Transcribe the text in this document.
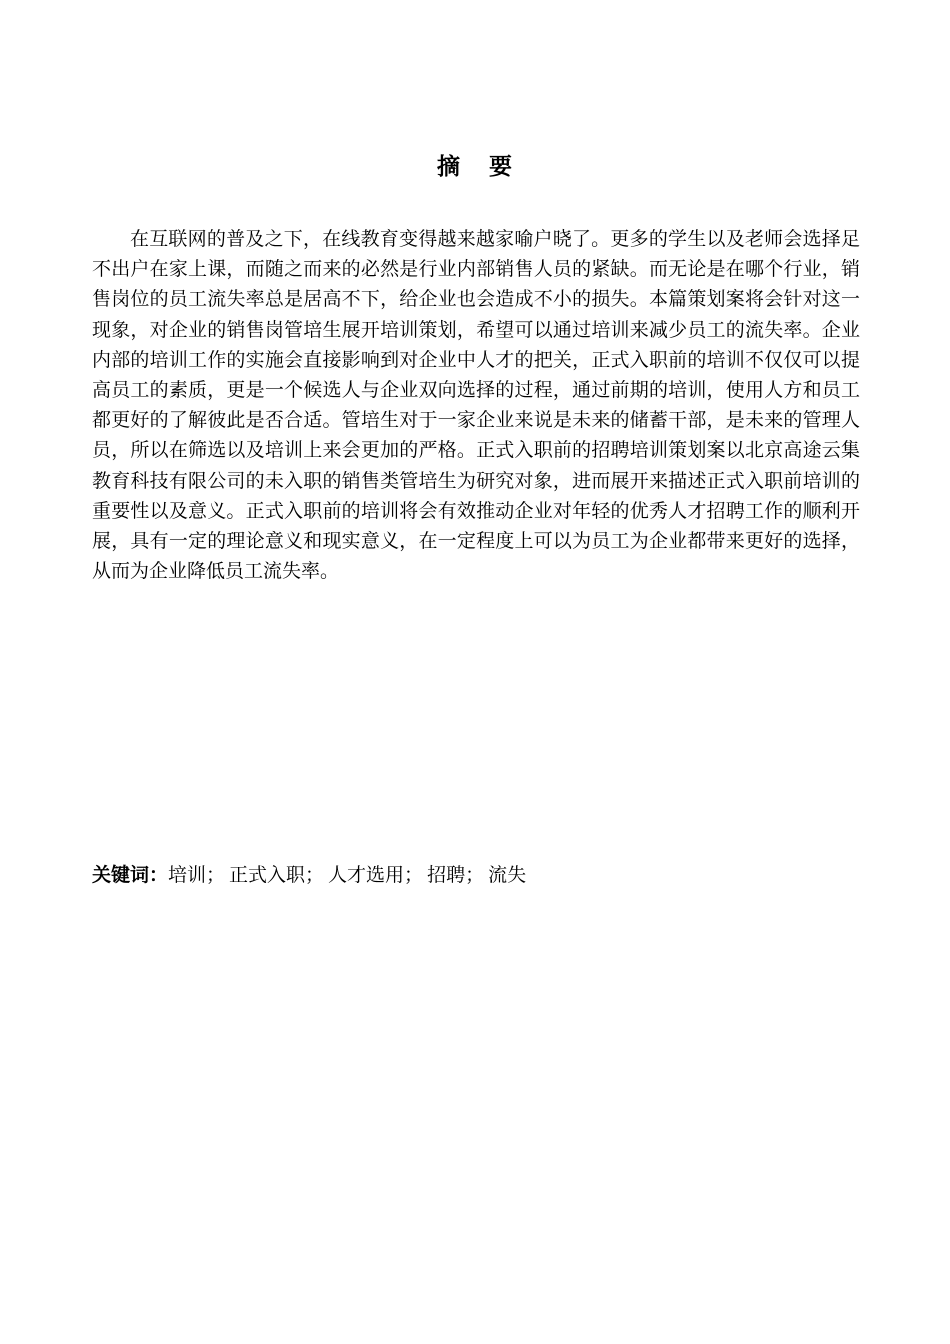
摘 要

在互联网的普及之下，在线教育变得越来越家喻户晓了。更多的学生以及老师会选择足不出户在家上课，而随之而来的必然是行业内部销售人员的紧缺。而无论是在哪个行业，销售岗位的员工流失率总是居高不下，给企业也会造成不小的损失。本篇策划案将会针对这一现象，对企业的销售岗管培生展开培训策划，希望可以通过培训来减少员工的流失率。企业内部的培训工作的实施会直接影响到对企业中人才的把关，正式入职前的培训不仅仅可以提高员工的素质，更是一个候选人与企业双向选择的过程，通过前期的培训，使用人方和员工都更好的了解彼此是否合适。管培生对于一家企业来说是未来的储蓄干部，是未来的管理人员，所以在筛选以及培训上来会更加的严格。正式入职前的招聘培训策划案以北京高途云集教育科技有限公司的未入职的销售类管培生为研究对象，进而展开来描述正式入职前培训的重要性以及意义。正式入职前的培训将会有效推动企业对年轻的优秀人才招聘工作的顺利开展，具有一定的理论意义和现实意义，在一定程度上可以为员工为企业都带来更好的选择，从而为企业降低员工流失率。

关键词：培训； 正式入职； 人才选用； 招聘； 流失
